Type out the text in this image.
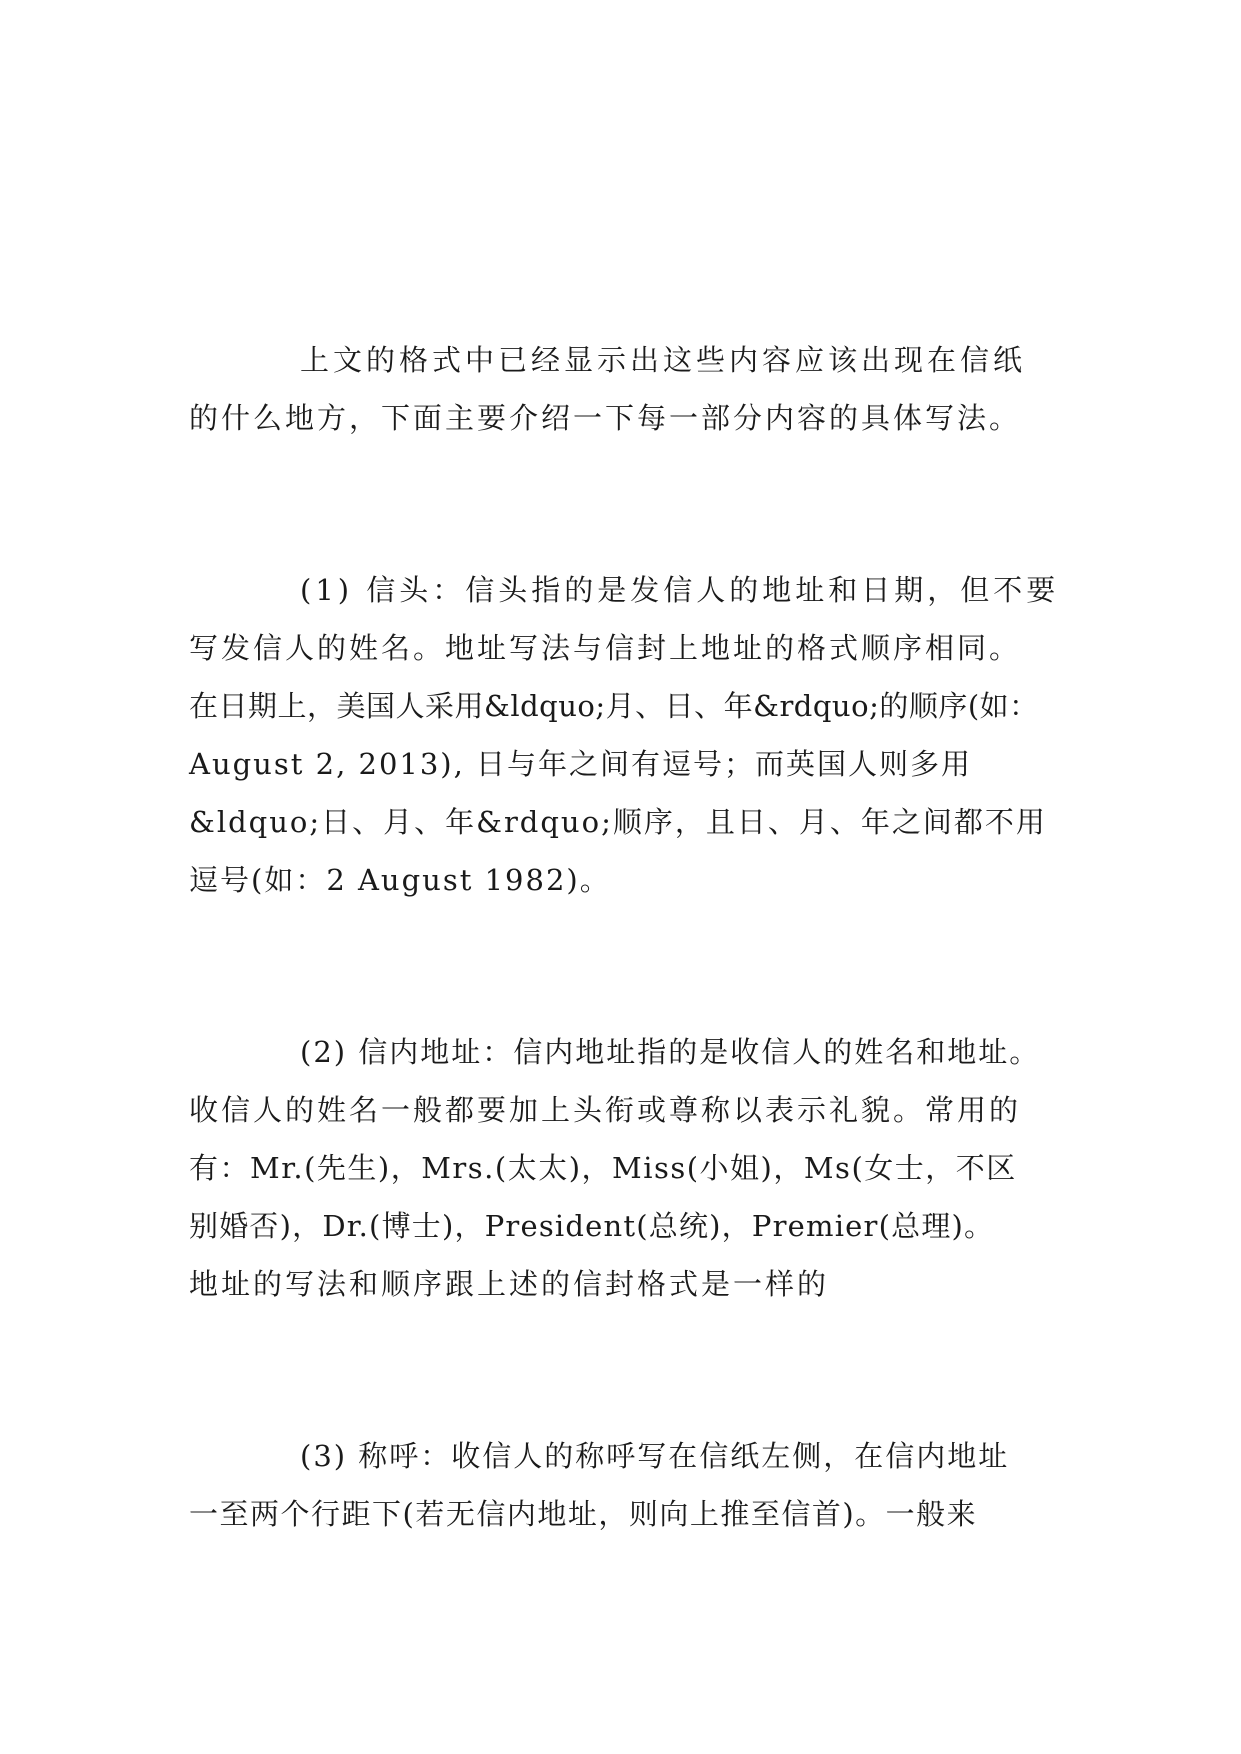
上文的格式中已经显示出这些内容应该出现在信纸
的什么地方，下面主要介绍一下每一部分内容的具体写法。
(1) 信头：信头指的是发信人的地址和日期，但不要
写发信人的姓名。地址写法与信封上地址的格式顺序相同。
在日期上，美国人采用&ldquo;月、日、年&rdquo;的顺序(如：
August 2, 2013), 日与年之间有逗号；而英国人则多用
&ldquo;日、月、年&rdquo;顺序，且日、月、年之间都不用
逗号(如：2 August 1982)。
(2) 信内地址：信内地址指的是收信人的姓名和地址。
收信人的姓名一般都要加上头衔或尊称以表示礼貌。常用的
有：Mr.(先生)，Mrs.(太太)，Miss(小姐)，Ms(女士，不区
别婚否)，Dr.(博士)，President(总统)，Premier(总理)。
地址的写法和顺序跟上述的信封格式是一样的
(3) 称呼：收信人的称呼写在信纸左侧，在信内地址
一至两个行距下(若无信内地址，则向上推至信首)。一般来
